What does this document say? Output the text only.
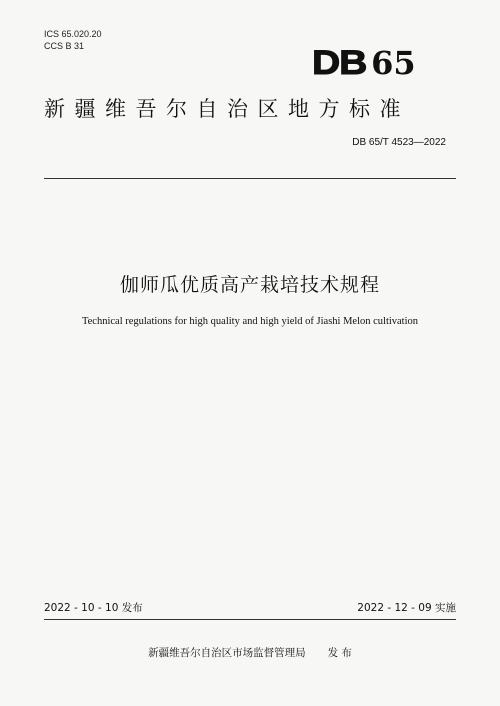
ICS 65.020.20
CCS B 31	DB 65
新疆维吾尔自治区地方标准
DB 65/T 4523—2022
伽师瓜优质高产栽培技术规程
Technical regulations for high quality and high yield of Jiashi Melon cultivation
2022 - 10 - 10 发布	2022 - 12 - 09 实施
新疆维吾尔自治区市场监督管理局 发 布
